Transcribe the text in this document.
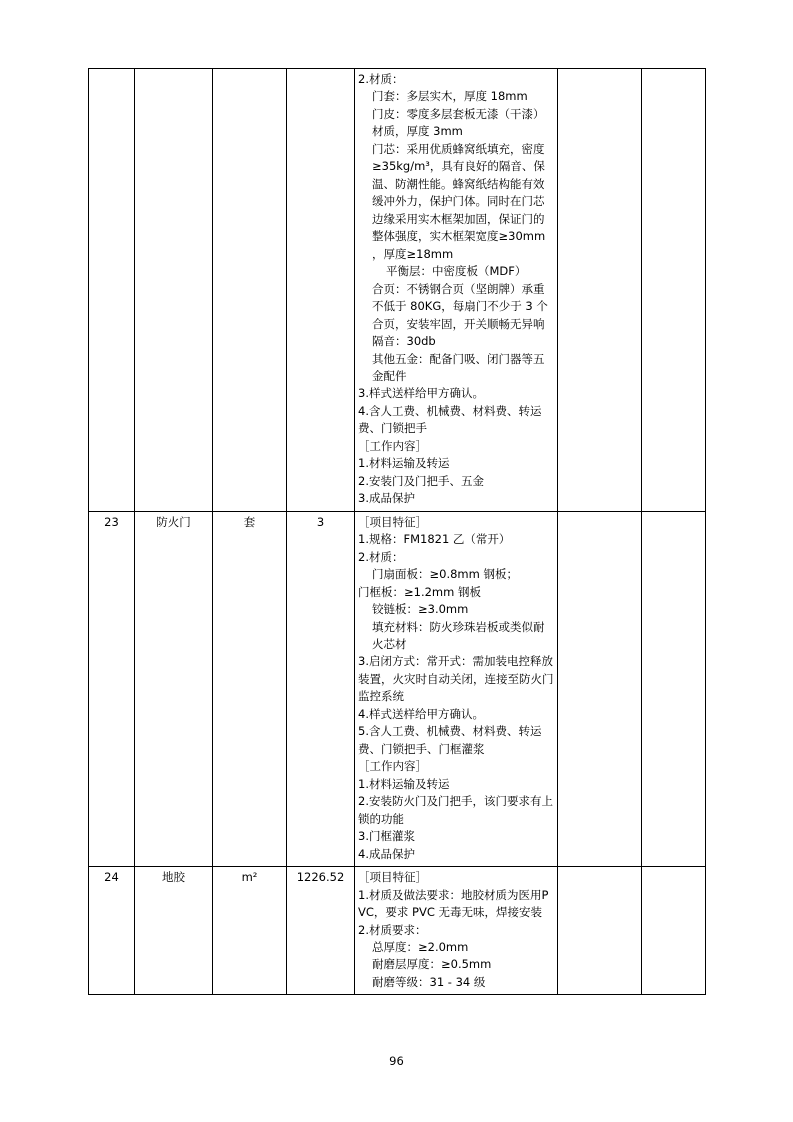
2.材质：
门套：多层实木，厚度 18mm
门皮：零度多层套板无漆（干漆）材质，厚度 3mm
门芯：采用优质蜂窝纸填充，密度≥35kg/m³，具有良好的隔音、保温、防潮性能。蜂窝纸结构能有效缓冲外力，保护门体。同时在门芯边缘采用实木框架加固，保证门的整体强度，实木框架宽度≥30mm ，厚度≥18mm
平衡层：中密度板（MDF）
合页：不锈钢合页（坚朗牌）承重不低于 80KG，每扇门不少于 3 个合页，安装牢固，开关顺畅无异响
隔音：30db
其他五金：配备门吸、闭门器等五金配件
3.样式送样给甲方确认。
4.含人工费、机械费、材料费、转运费、门锁把手
［工作内容］
1.材料运输及转运
2.安装门及门把手、五金
3.成品保护

23	防火门	套	3	［项目特征］
1.规格：FM1821 乙（常开）
2.材质：
门扇面板：≥0.8mm 钢板；
门框板：≥1.2mm 钢板
铰链板：≥3.0mm
填充材料：防火珍珠岩板或类似耐火芯材
3.启闭方式：常开式：需加装电控释放装置，火灾时自动关闭，连接至防火门监控系统
4.样式送样给甲方确认。
5.含人工费、机械费、材料费、转运费、门锁把手、门框灌浆
［工作内容］
1.材料运输及转运
2.安装防火门及门把手，该门要求有上锁的功能
3.门框灌浆
4.成品保护

24	地胶	m²	1226.52	［项目特征］
1.材质及做法要求：地胶材质为医用PVC，要求 PVC 无毒无味，焊接安装
2.材质要求：
总厚度：≥2.0mm
耐磨层厚度：≥0.5mm
耐磨等级：31 - 34 级

96
